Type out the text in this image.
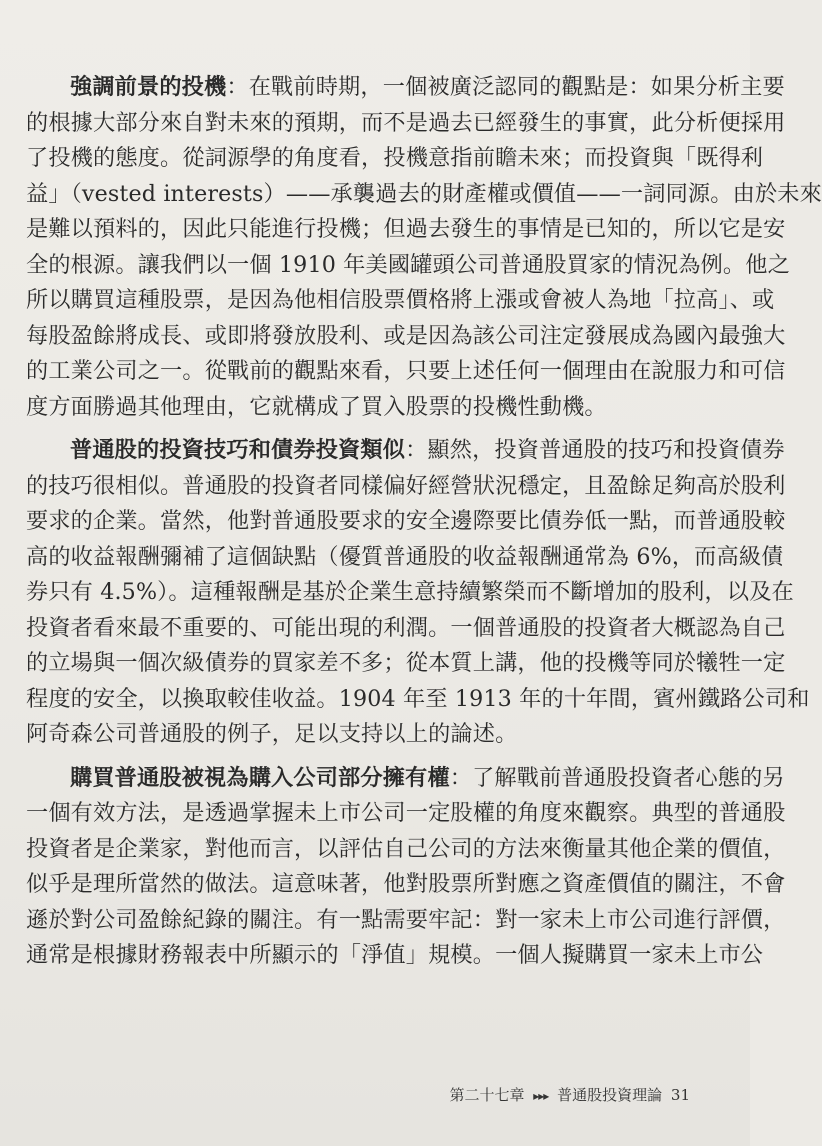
強調前景的投機：在戰前時期，一個被廣泛認同的觀點是：如果分析主要
的根據大部分來自對未來的預期，而不是過去已經發生的事實，此分析便採用
了投機的態度。從詞源學的角度看，投機意指前瞻未來；而投資與「既得利
益」（vested interests）——承襲過去的財產權或價值——一詞同源。由於未來
是難以預料的，因此只能進行投機；但過去發生的事情是已知的，所以它是安
全的根源。讓我們以一個 1910 年美國罐頭公司普通股買家的情況為例。他之
所以購買這種股票，是因為他相信股票價格將上漲或會被人為地「拉高」、或
每股盈餘將成長、或即將發放股利、或是因為該公司注定發展成為國內最強大
的工業公司之一。從戰前的觀點來看，只要上述任何一個理由在說服力和可信
度方面勝過其他理由，它就構成了買入股票的投機性動機。
普通股的投資技巧和債券投資類似：顯然，投資普通股的技巧和投資債券
的技巧很相似。普通股的投資者同樣偏好經營狀況穩定，且盈餘足夠高於股利
要求的企業。當然，他對普通股要求的安全邊際要比債券低一點，而普通股較
高的收益報酬彌補了這個缺點（優質普通股的收益報酬通常為 6%，而高級債
券只有 4.5%）。這種報酬是基於企業生意持續繁榮而不斷增加的股利，以及在
投資者看來最不重要的、可能出現的利潤。一個普通股的投資者大概認為自己
的立場與一個次級債券的買家差不多；從本質上講，他的投機等同於犧牲一定
程度的安全，以換取較佳收益。1904 年至 1913 年的十年間，賓州鐵路公司和
阿奇森公司普通股的例子，足以支持以上的論述。
購買普通股被視為購入公司部分擁有權：了解戰前普通股投資者心態的另
一個有效方法，是透過掌握未上市公司一定股權的角度來觀察。典型的普通股
投資者是企業家，對他而言，以評估自己公司的方法來衡量其他企業的價值，
似乎是理所當然的做法。這意味著，他對股票所對應之資產價值的關注，不會
遜於對公司盈餘紀錄的關注。有一點需要牢記：對一家未上市公司進行評價，
通常是根據財務報表中所顯示的「淨值」規模。一個人擬購買一家未上市公
第二十七章 ▸▸▸ 普通股投資理論 31
